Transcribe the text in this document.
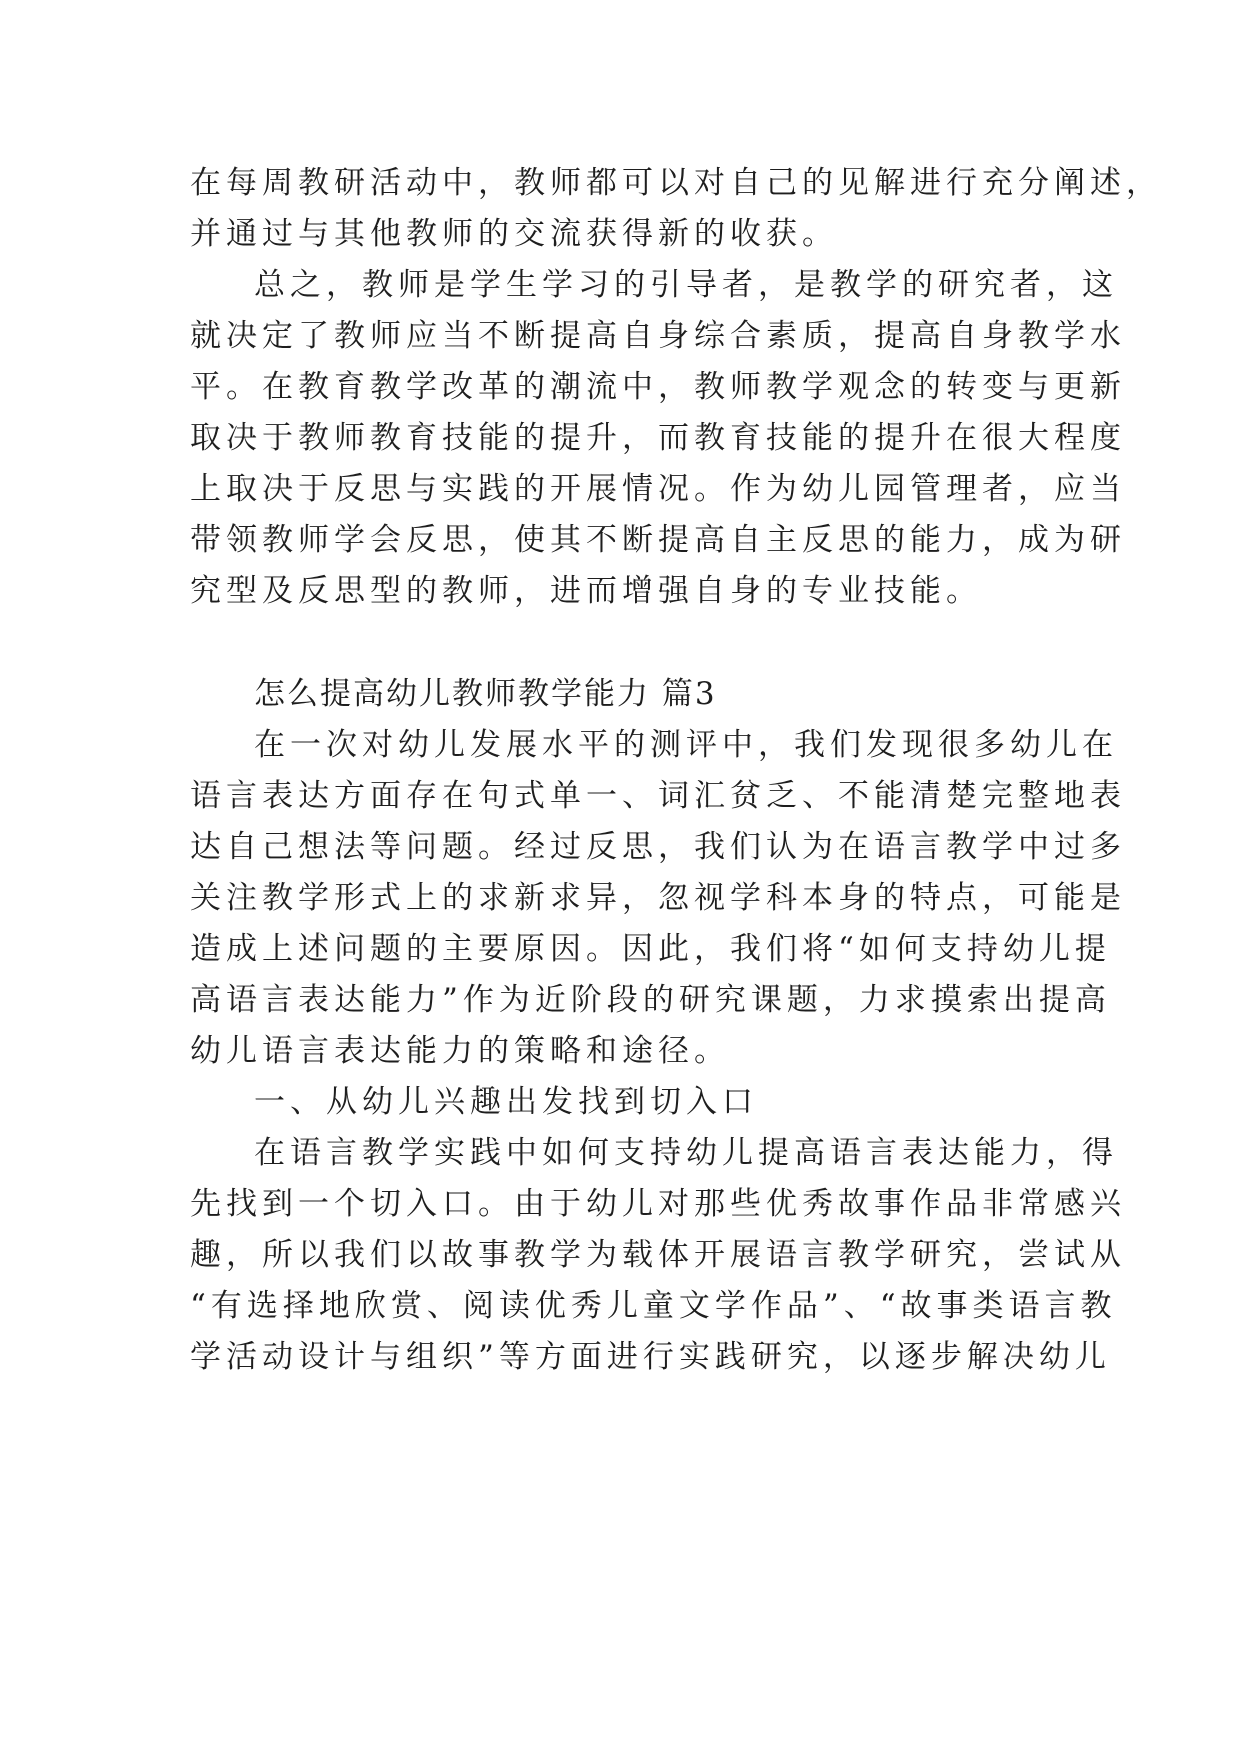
在每周教研活动中，教师都可以对自己的见解进行充分阐述，
并通过与其他教师的交流获得新的收获。
总之，教师是学生学习的引导者，是教学的研究者，这
就决定了教师应当不断提高自身综合素质，提高自身教学水
平。在教育教学改革的潮流中，教师教学观念的转变与更新
取决于教师教育技能的提升，而教育技能的提升在很大程度
上取决于反思与实践的开展情况。作为幼儿园管理者，应当
带领教师学会反思，使其不断提高自主反思的能力，成为研
究型及反思型的教师，进而增强自身的专业技能。
怎么提高幼儿教师教学能力 篇3
在一次对幼儿发展水平的测评中，我们发现很多幼儿在
语言表达方面存在句式单一、词汇贫乏、不能清楚完整地表
达自己想法等问题。经过反思，我们认为在语言教学中过多
关注教学形式上的求新求异，忽视学科本身的特点，可能是
造成上述问题的主要原因。因此，我们将“如何支持幼儿提
高语言表达能力”作为近阶段的研究课题，力求摸索出提高
幼儿语言表达能力的策略和途径。
一、从幼儿兴趣出发找到切入口
在语言教学实践中如何支持幼儿提高语言表达能力，得
先找到一个切入口。由于幼儿对那些优秀故事作品非常感兴
趣，所以我们以故事教学为载体开展语言教学研究，尝试从
“有选择地欣赏、阅读优秀儿童文学作品”、“故事类语言教
学活动设计与组织”等方面进行实践研究，以逐步解决幼儿
